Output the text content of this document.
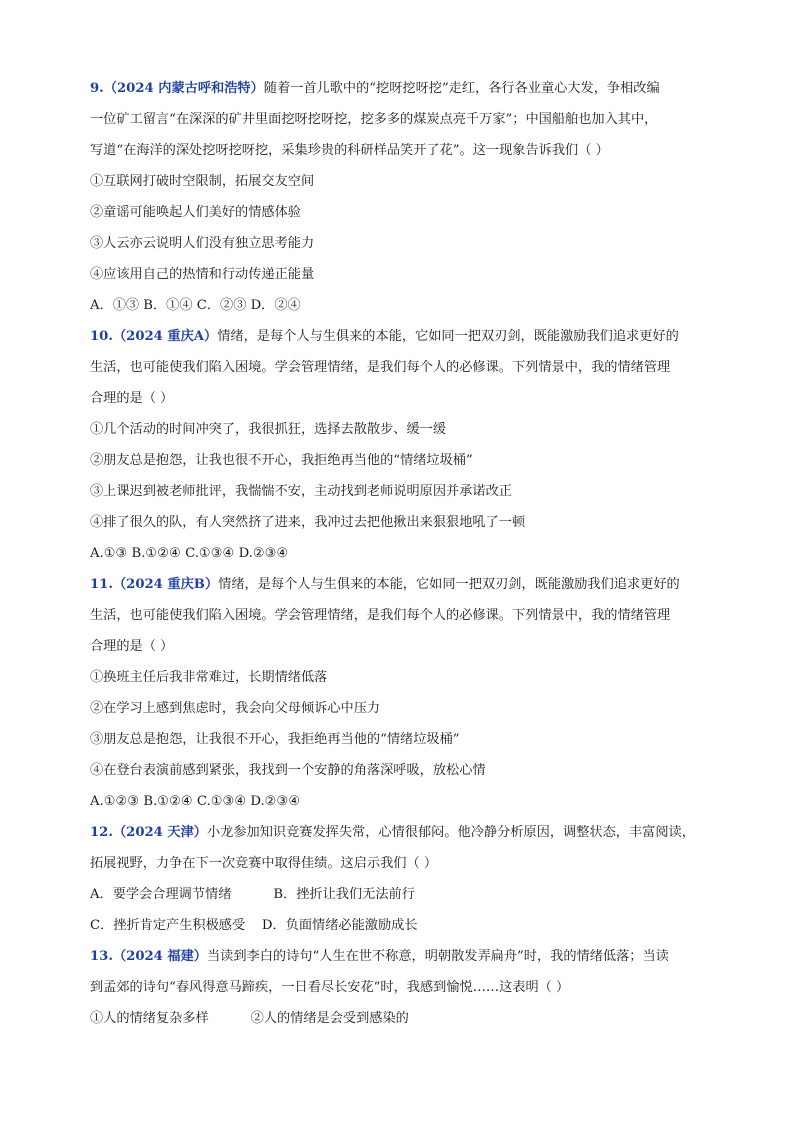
9.（2024 内蒙古呼和浩特）随着一首儿歌中的“挖呀挖呀挖”走红，各行各业童心大发，争相改编
一位矿工留言“在深深的矿井里面挖呀挖呀挖，挖多多的煤炭点亮千万家”；中国船舶也加入其中，
写道“在海洋的深处挖呀挖呀挖，采集珍贵的科研样品笑开了花”。这一现象告诉我们（ ）
①互联网打破时空限制，拓展交友空间
②童谣可能唤起人们美好的情感体验
③人云亦云说明人们没有独立思考能力
④应该用自己的热情和行动传递正能量
A．①③ B．①④ C．②③ D．②④
10.（2024 重庆A）情绪，是每个人与生俱来的本能，它如同一把双刃剑，既能激励我们追求更好的
生活，也可能使我们陷入困境。学会管理情绪，是我们每个人的必修课。下列情景中，我的情绪管理
合理的是（ ）
①几个活动的时间冲突了，我很抓狂，选择去散散步、缓一缓
②朋友总是抱怨，让我也很不开心，我拒绝再当他的“情绪垃圾桶”
③上课迟到被老师批评，我惴惴不安，主动找到老师说明原因并承诺改正
④排了很久的队，有人突然挤了进来，我冲过去把他揪出来狠狠地吼了一顿
A.①③ B.①②④ C.①③④ D.②③④
11.（2024 重庆B）情绪，是每个人与生俱来的本能，它如同一把双刃剑，既能激励我们追求更好的
生活，也可能使我们陷入困境。学会管理情绪，是我们每个人的必修课。下列情景中，我的情绪管理
合理的是（ ）
①换班主任后我非常难过，长期情绪低落
②在学习上感到焦虑时，我会向父母倾诉心中压力
③朋友总是抱怨，让我很不开心，我拒绝再当他的“情绪垃圾桶”
④在登台表演前感到紧张，我找到一个安静的角落深呼吸，放松心情
A.①②③ B.①②④ C.①③④ D.②③④
12.（2024 天津）小龙参加知识竞赛发挥失常，心情很郁闷。他冷静分析原因，调整状态，丰富阅读，
拓展视野，力争在下一次竞赛中取得佳绩。这启示我们（ ）
A．要学会合理调节情绪          B．挫折让我们无法前行
C．挫折肯定产生积极感受    D．负面情绪必能激励成长
13.（2024 福建）当读到李白的诗句“人生在世不称意，明朝散发弄扁舟”时，我的情绪低落；当读
到孟郊的诗句“春风得意马蹄疾，一日看尽长安花”时，我感到愉悦……这表明（ ）
①人的情绪复杂多样          ②人的情绪是会受到感染的
